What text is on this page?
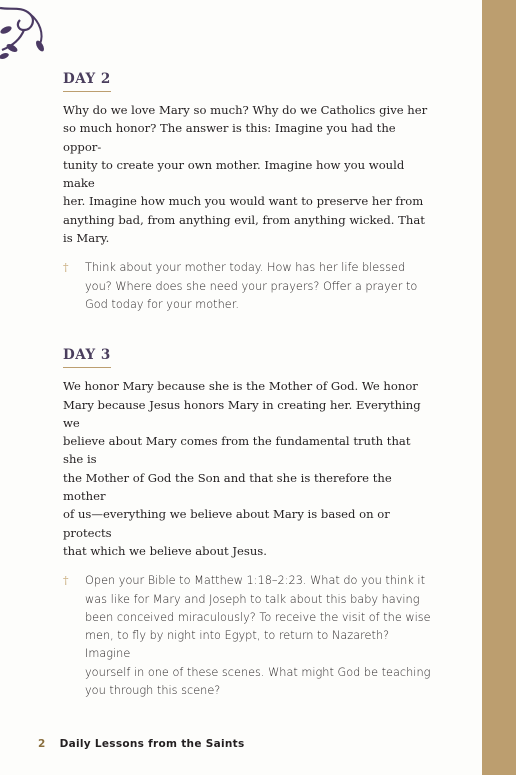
DAY 2

Why do we love Mary so much? Why do we Catholics give her
so much honor? The answer is this: Imagine you had the oppor-
tunity to create your own mother. Imagine how you would make
her. Imagine how much you would want to preserve her from
anything bad, from anything evil, from anything wicked. That
is Mary.

† Think about your mother today. How has her life blessed
you? Where does she need your prayers? Offer a prayer to
God today for your mother.

DAY 3

We honor Mary because she is the Mother of God. We honor
Mary because Jesus honors Mary in creating her. Everything we
believe about Mary comes from the fundamental truth that she is
the Mother of God the Son and that she is therefore the mother
of us—everything we believe about Mary is based on or protects
that which we believe about Jesus.

† Open your Bible to Matthew 1:18–2:23. What do you think it
was like for Mary and Joseph to talk about this baby having
been conceived miraculously? To receive the visit of the wise
men, to fly by night into Egypt, to return to Nazareth? Imagine
yourself in one of these scenes. What might God be teaching
you through this scene?

2 Daily Lessons from the Saints
